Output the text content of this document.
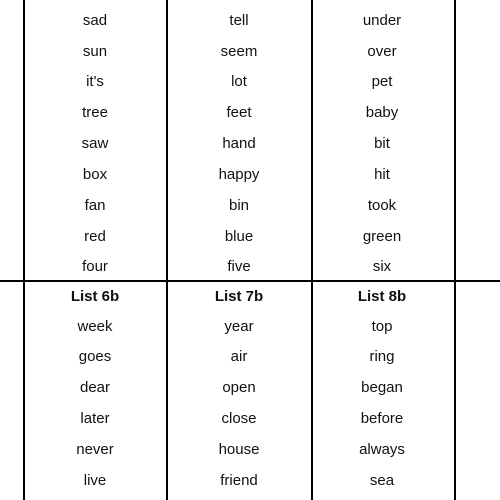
sad
sun
it's
tree
saw
box
fan
red
four
tell
seem
lot
feet
hand
happy
bin
blue
five
under
over
pet
baby
bit
hit
took
green
six
List 6b	List 7b	List 8b
week
goes
dear
later
never
live
year
air
open
close
house
friend
top
ring
began
before
always
sea
